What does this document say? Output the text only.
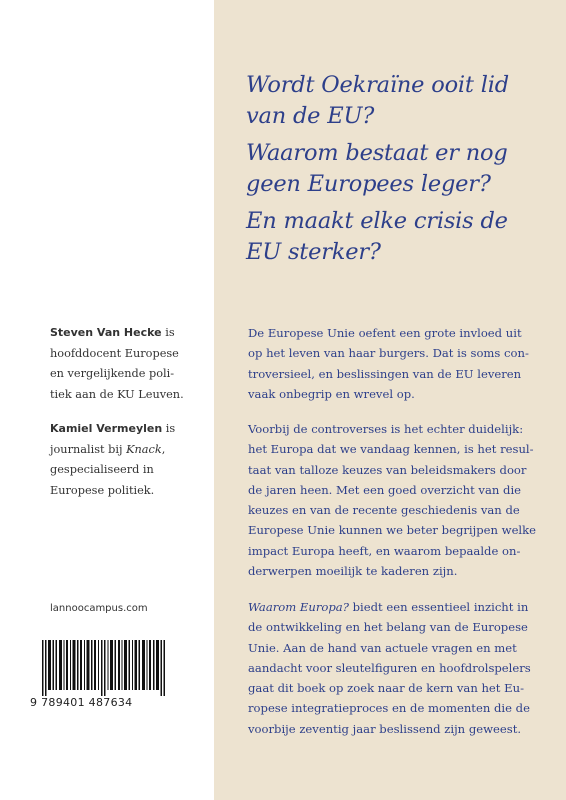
Wordt Oekraïne ooit lid
van de EU?

Waarom bestaat er nog
geen Europees leger?

En maakt elke crisis de
EU sterker?

Steven Van Hecke is
hoofddocent Europese
en vergelijkende poli-
tiek aan de KU Leuven.
Kamiel Vermeylen is
journalist bij Knack,
gespecialiseerd in
Europese politiek.
lannoocampus.com
9 789401 487634
De Europese Unie oefent een grote invloed uit
op het leven van haar burgers. Dat is soms con-
troversieel, en beslissingen van de EU leveren
vaak onbegrip en wrevel op.
Voorbij de controverses is het echter duidelijk:
het Europa dat we vandaag kennen, is het resul-
taat van talloze keuzes van beleidsmakers door
de jaren heen. Met een goed overzicht van die
keuzes en van de recente geschiedenis van de
Europese Unie kunnen we beter begrijpen welke
impact Europa heeft, en waarom bepaalde on-
derwerpen moeilijk te kaderen zijn.
Waarom Europa? biedt een essentieel inzicht in
de ontwikkeling en het belang van de Europese
Unie. Aan de hand van actuele vragen en met
aandacht voor sleutelfiguren en hoofdrolspelers
gaat dit boek op zoek naar de kern van het Eu-
ropese integratieproces en de momenten die de
voorbije zeventig jaar beslissend zijn geweest.
